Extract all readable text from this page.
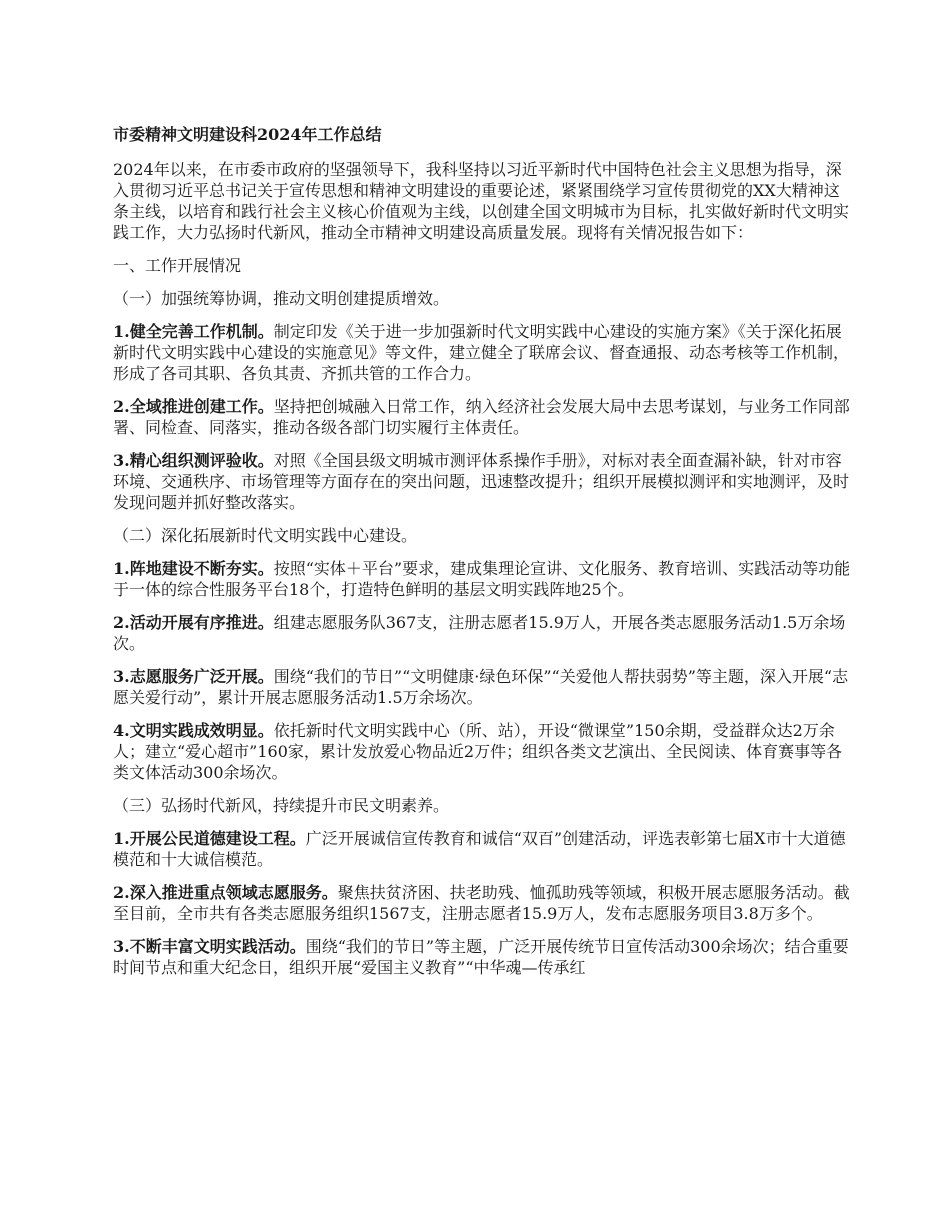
市委精神文明建设科2024年工作总结

2024年以来，在市委市政府的坚强领导下，我科坚持以习近平新时代中国特色社会主义思想为指导，深入贯彻习近平总书记关于宣传思想和精神文明建设的重要论述，紧紧围绕学习宣传贯彻党的XX大精神这条主线，以培育和践行社会主义核心价值观为主线，以创建全国文明城市为目标，扎实做好新时代文明实践工作，大力弘扬时代新风，推动全市精神文明建设高质量发展。现将有关情况报告如下：

一、工作开展情况

（一）加强统筹协调，推动文明创建提质增效。

1.健全完善工作机制。制定印发《关于进一步加强新时代文明实践中心建设的实施方案》《关于深化拓展新时代文明实践中心建设的实施意见》等文件，建立健全了联席会议、督查通报、动态考核等工作机制，形成了各司其职、各负其责、齐抓共管的工作合力。

2.全域推进创建工作。坚持把创城融入日常工作，纳入经济社会发展大局中去思考谋划，与业务工作同部署、同检查、同落实，推动各级各部门切实履行主体责任。

3.精心组织测评验收。对照《全国县级文明城市测评体系操作手册》，对标对表全面查漏补缺，针对市容环境、交通秩序、市场管理等方面存在的突出问题，迅速整改提升；组织开展模拟测评和实地测评，及时发现问题并抓好整改落实。

（二）深化拓展新时代文明实践中心建设。

1.阵地建设不断夯实。按照“实体＋平台”要求，建成集理论宣讲、文化服务、教育培训、实践活动等功能于一体的综合性服务平台18个，打造特色鲜明的基层文明实践阵地25个。

2.活动开展有序推进。组建志愿服务队367支，注册志愿者15.9万人，开展各类志愿服务活动1.5万余场次。

3.志愿服务广泛开展。围绕“我们的节日”“文明健康·绿色环保”“关爱他人帮扶弱势”等主题，深入开展“志愿关爱行动”，累计开展志愿服务活动1.5万余场次。

4.文明实践成效明显。依托新时代文明实践中心（所、站），开设“微课堂”150余期，受益群众达2万余人；建立“爱心超市”160家，累计发放爱心物品近2万件；组织各类文艺演出、全民阅读、体育赛事等各类文体活动300余场次。

（三）弘扬时代新风，持续提升市民文明素养。

1.开展公民道德建设工程。广泛开展诚信宣传教育和诚信“双百”创建活动，评选表彰第七届X市十大道德模范和十大诚信模范。

2.深入推进重点领域志愿服务。聚焦扶贫济困、扶老助残、恤孤助残等领域，积极开展志愿服务活动。截至目前，全市共有各类志愿服务组织1567支，注册志愿者15.9万人，发布志愿服务项目3.8万多个。

3.不断丰富文明实践活动。围绕“我们的节日”等主题，广泛开展传统节日宣传活动300余场次；结合重要时间节点和重大纪念日，组织开展“爱国主义教育”“中华魂—传承红
